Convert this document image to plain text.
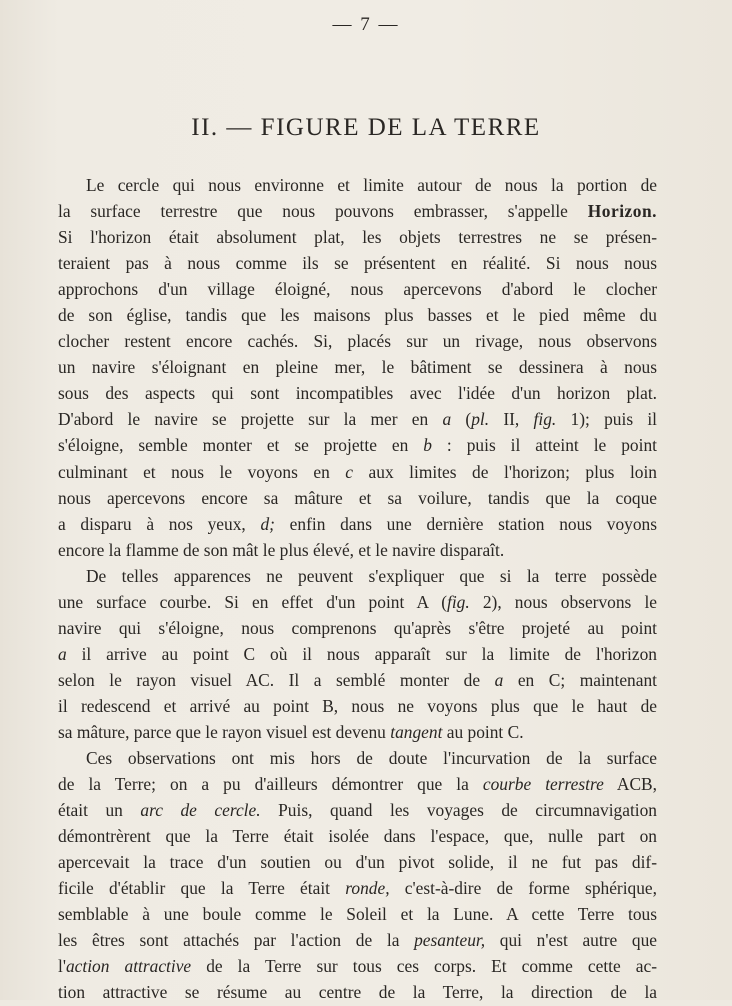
— 7 —
II. — FIGURE DE LA TERRE
Le cercle qui nous environne et limite autour de nous la portion de
la surface terrestre que nous pouvons embrasser, s'appelle Horizon.
Si l'horizon était absolument plat, les objets terrestres ne se présen-
teraient pas à nous comme ils se présentent en réalité. Si nous nous
approchons d'un village éloigné, nous apercevons d'abord le clocher
de son église, tandis que les maisons plus basses et le pied même du
clocher restent encore cachés. Si, placés sur un rivage, nous observons
un navire s'éloignant en pleine mer, le bâtiment se dessinera à nous
sous des aspects qui sont incompatibles avec l'idée d'un horizon plat.
D'abord le navire se projette sur la mer en a (pl. II, fig. 1); puis il
s'éloigne, semble monter et se projette en b : puis il atteint le point
culminant et nous le voyons en c aux limites de l'horizon; plus loin
nous apercevons encore sa mâture et sa voilure, tandis que la coque
a disparu à nos yeux, d; enfin dans une dernière station nous voyons
encore la flamme de son mât le plus élevé, et le navire disparaît.
De telles apparences ne peuvent s'expliquer que si la terre possède
une surface courbe. Si en effet d'un point A (fig. 2), nous observons le
navire qui s'éloigne, nous comprenons qu'après s'être projeté au point
a il arrive au point C où il nous apparaît sur la limite de l'horizon
selon le rayon visuel AC. Il a semblé monter de a en C; maintenant
il redescend et arrivé au point B, nous ne voyons plus que le haut de
sa mâture, parce que le rayon visuel est devenu tangent au point C.
Ces observations ont mis hors de doute l'incurvation de la surface
de la Terre; on a pu d'ailleurs démontrer que la courbe terrestre ACB,
était un arc de cercle. Puis, quand les voyages de circumnavigation
démontrèrent que la Terre était isolée dans l'espace, que, nulle part on
apercevait la trace d'un soutien ou d'un pivot solide, il ne fut pas dif-
ficile d'établir que la Terre était ronde, c'est-à-dire de forme sphérique,
semblable à une boule comme le Soleil et la Lune. A cette Terre tous
les êtres sont attachés par l'action de la pesanteur, qui n'est autre que
l'action attractive de la Terre sur tous ces corps. Et comme cette ac-
tion attractive se résume au centre de la Terre, la direction de la
